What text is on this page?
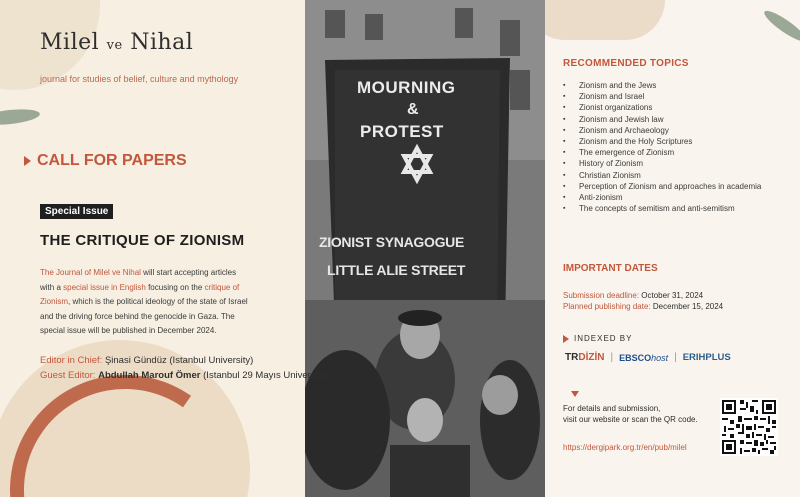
MOURNING
&
PROTEST
ZIONIST SYNAGOGUE
LITTLE ALIE STREET
Milel ve Nihal
journal for studies of belief, culture and mythology
CALL FOR PAPERS
Special Issue
THE CRITIQUE OF ZIONISM
The Journal of Milel ve Nihal will start accepting articles
with a special issue in English focusing on the critique of
Zionism, which is the political ideology of the state of Israel
and the driving force behind the genocide in Gaza. The
special issue will be published in December 2024.
Editor in Chief: Şinasi Gündüz (Istanbul University)
Guest Editor: Abdullah Marouf Ömer (Istanbul 29 Mayıs University)
RECOMMENDED TOPICS
▪ Zionism and the Jews
▪ Zionism and Israel
▪ Zionist organizations
▪ Zionism and Jewish law
▪ Zionism and Archaeology
▪ Zionism and the Holy Scriptures
▪ The emergence of Zionism
▪ History of Zionism
▪ Christian Zionism
▪ Perception of Zionism and approaches in academia
▪ Anti-zionism
▪ The concepts of semitism and anti-semitism
IMPORTANT DATES
Submission deadline: October 31, 2024
Planned publishing date: December 15, 2024
INDEXED BY
TRDİZİN | EBSCOhost | ERIHPLUS
For details and submission,
visit our website or scan the QR code.
https://dergipark.org.tr/en/pub/milel
